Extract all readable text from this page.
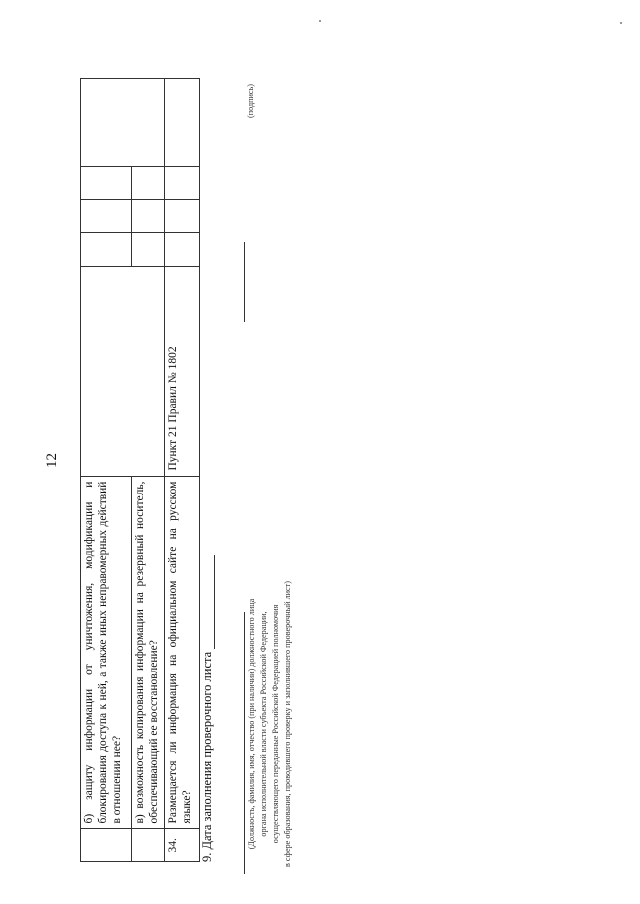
12
	б) защиту информации от уничтожения, модификации и блокирования доступа к ней, а также иных неправомерных действий в отношении нее?					
	в) возможность копирования информации на резервный носитель, обеспечивающий ее восстановление?					
34.	Размещается ли информация на официальном сайте на русском языке?	Пункт 21 Правил № 1802				
9. Дата заполнения проверочного листа	(Должность, фамилия, имя, отчество (при наличии) должностного лица органа исполнительной власти субъекта Российской Федерации, осуществляющего переданные Российской Федерацией полномочия в сфере образования, проводившего проверку и заполнившего проверочный лист)
(подпись)
